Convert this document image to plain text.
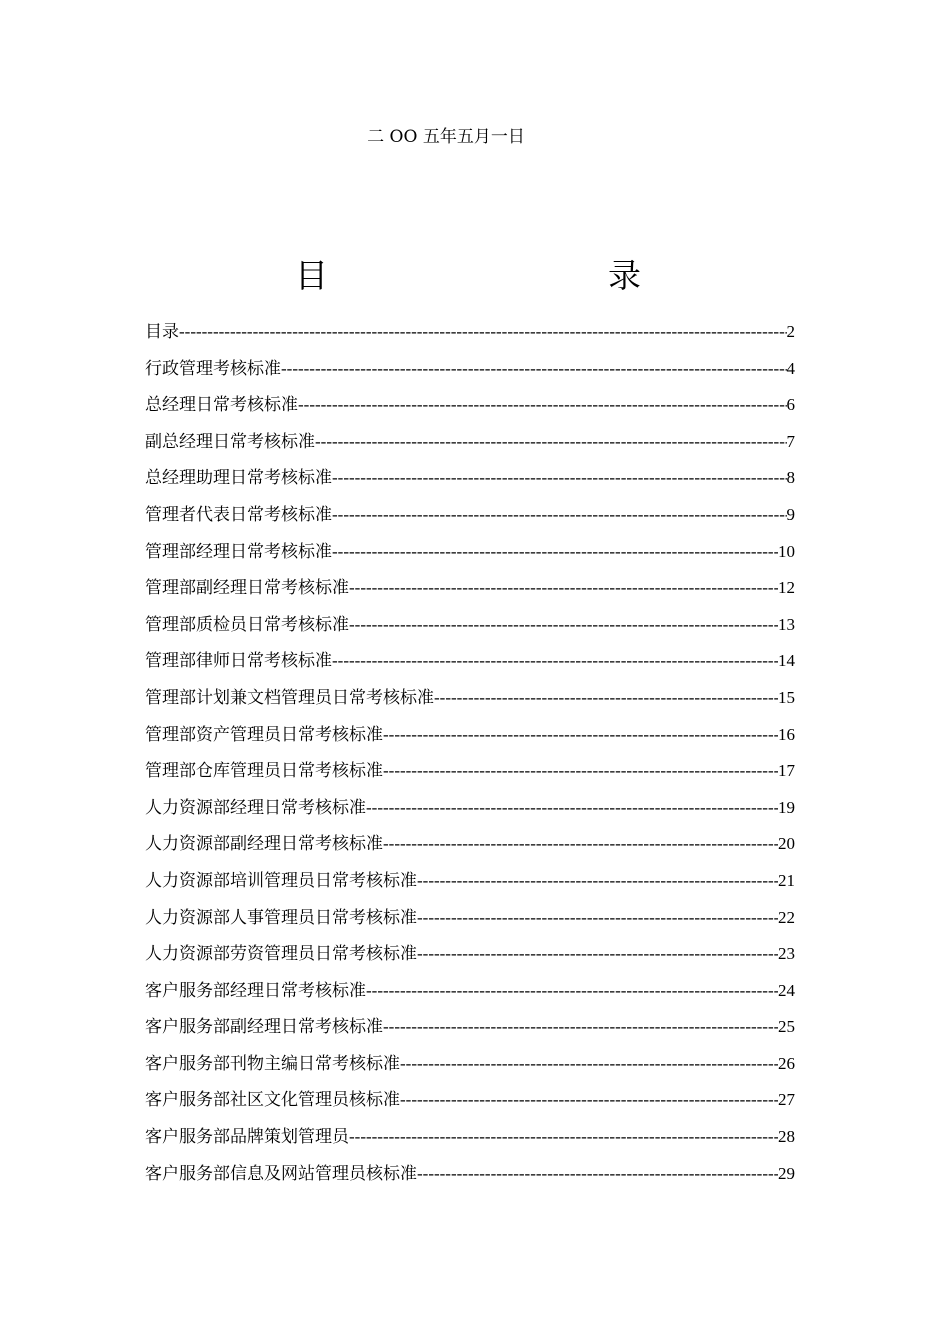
二 OO 五年五月一日
目	录
目录 -----	2
行政管理考核标准 -----	4
总经理日常考核标准 -----	6
副总经理日常考核标准 -----	7
总经理助理日常考核标准 -----	8
管理者代表日常考核标准 -----	9
管理部经理日常考核标准 -----	10
管理部副经理日常考核标准 -----	12
管理部质检员日常考核标准 -----	13
管理部律师日常考核标准 -----	14
管理部计划兼文档管理员日常考核标准 -----	15
管理部资产管理员日常考核标准 -----	16
管理部仓库管理员日常考核标准 -----	17
人力资源部经理日常考核标准 -----	19
人力资源部副经理日常考核标准 -----	20
人力资源部培训管理员日常考核标准 -----	21
人力资源部人事管理员日常考核标准 -----	22
人力资源部劳资管理员日常考核标准 -----	23
客户服务部经理日常考核标准 -----	24
客户服务部副经理日常考核标准 -----	25
客户服务部刊物主编日常考核标准 -----	26
客户服务部社区文化管理员核标准 -----	27
客户服务部品牌策划管理员 -----	28
客户服务部信息及网站管理员核标准 -----	29
